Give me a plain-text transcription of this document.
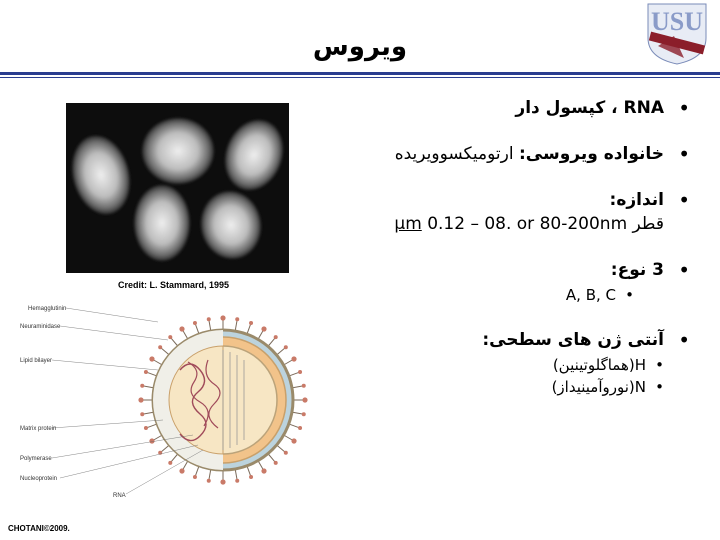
ویروس
USU
• RNA ، کپسول دار
• خانواده ویروسی: ارتومیکسوویریده
• اندازه:
قطر μm 0.12 – 08. or 80-200nm
• 3 نوع:
• A, B, C
• آنتی ژن های سطحی:
• H(هماگلوتینین)
• N(نوروآمینیداز)
Credit: L. Stammard, 1995
Hemagglutinin
Neuraminidase
Lipid bilayer
Matrix protein
Polymerase
Nucleoprotein
RNA
CHOTANI©2009.
